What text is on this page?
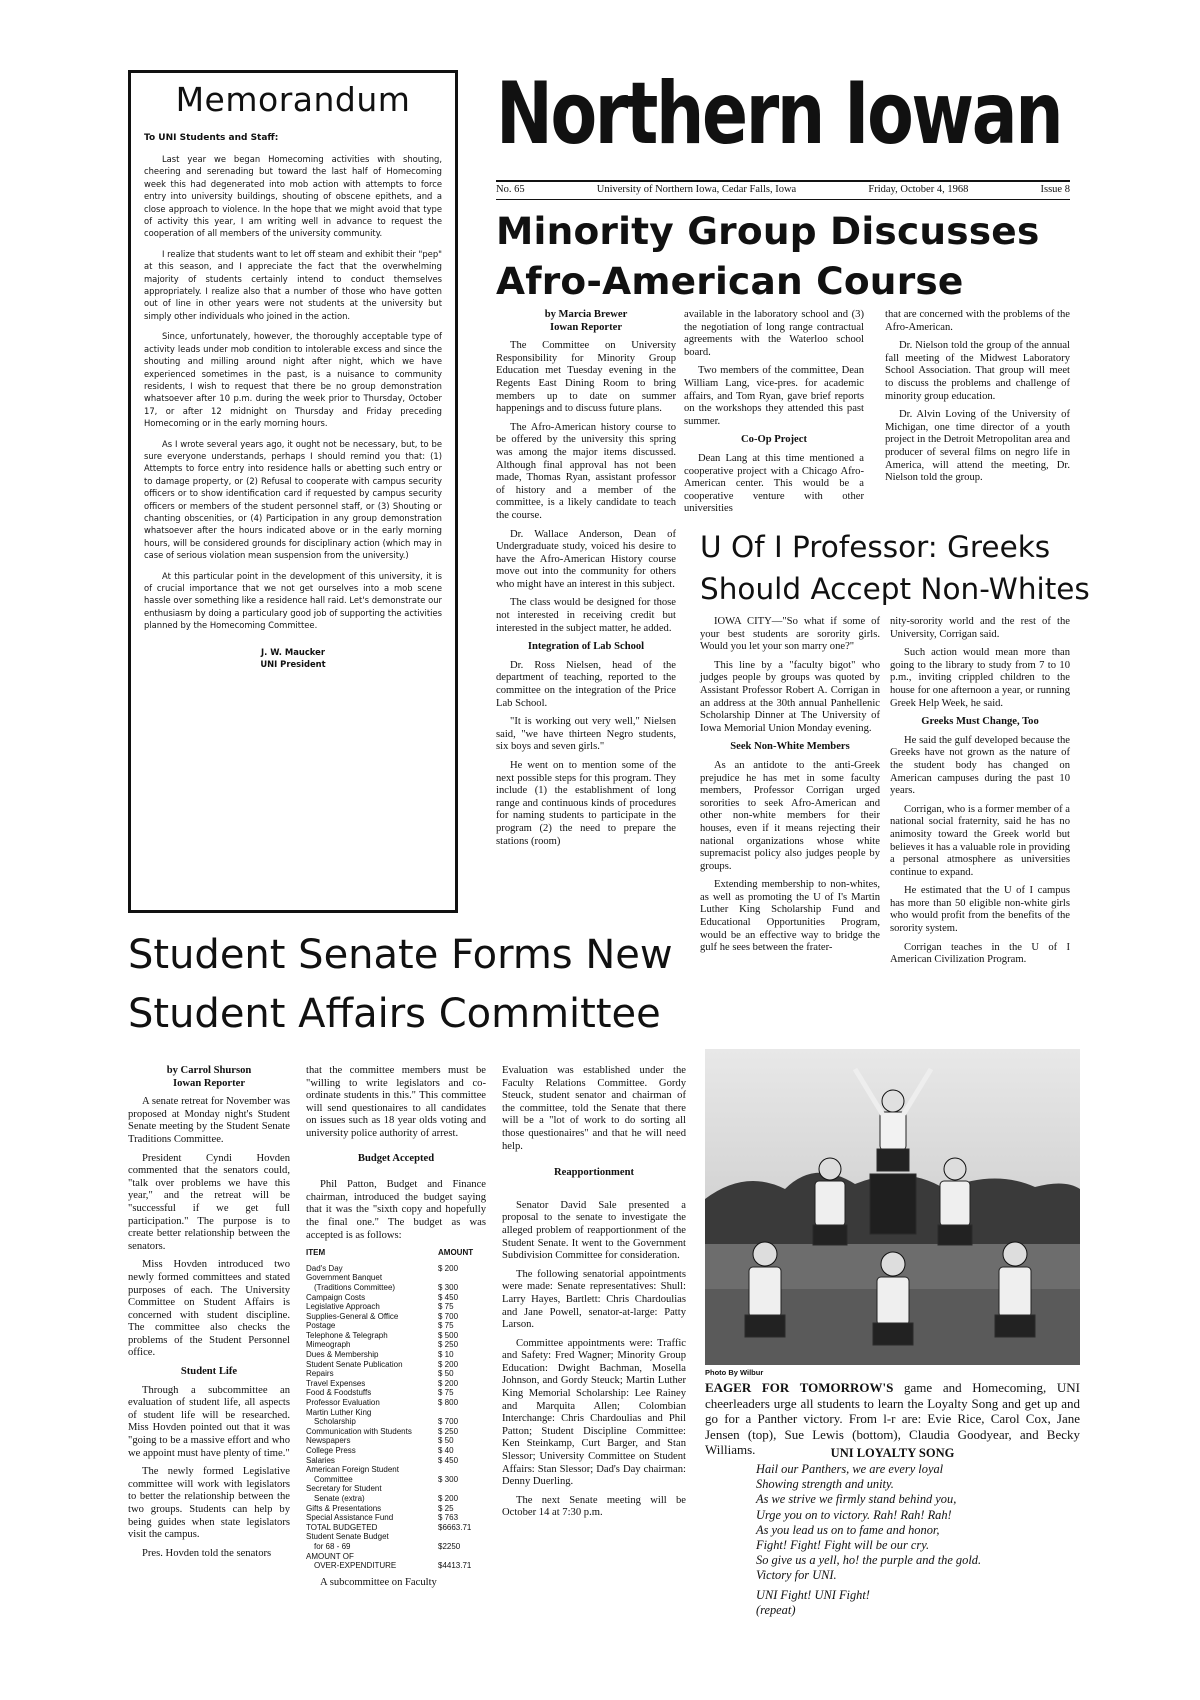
Memorandum
To UNI Students and Staff:

Last year we began Homecoming activities with shouting, cheering and serenading but toward the last half of Homecoming week this had degenerated into mob action with attempts to force entry into university buildings, shouting of obscene epithets, and a close approach to violence. In the hope that we might avoid that type of activity this year, I am writing well in advance to request the cooperation of all members of the university community.

I realize that students want to let off steam and exhibit their "pep" at this season, and I appreciate the fact that the overwhelming majority of students certainly intend to conduct themselves appropriately. I realize also that a number of those who have gotten out of line in other years were not students at the university but simply other individuals who joined in the action.

Since, unfortunately, however, the thoroughly acceptable type of activity leads under mob condition to intolerable excess and since the shouting and milling around night after night, which we have experienced sometimes in the past, is a nuisance to community residents, I wish to request that there be no group demonstration whatsoever after 10 p.m. during the week prior to Thursday, October 17, or after 12 midnight on Thursday and Friday preceding Homecoming or in the early morning hours.

As I wrote several years ago, it ought not be necessary, but, to be sure everyone understands, perhaps I should remind you that: (1) Attempts to force entry into residence halls or abetting such entry or to damage property, or (2) Refusal to cooperate with campus security officers or to show identification card if requested by campus security officers or members of the student personnel staff, or (3) Shouting or chanting obscenities, or (4) Participation in any group demonstration whatsoever after the hours indicated above or in the early morning hours, will be considered grounds for disciplinary action (which may in case of serious violation mean suspension from the university.)

At this particular point in the development of this university, it is of crucial importance that we not get ourselves into a mob scene hassle over something like a residence hall raid. Let's demonstrate our enthusiasm by doing a particulary good job of supporting the activities planned by the Homecoming Committee.

J. W. Maucker
UNI President
Northern Iowan
No. 65	University of Northern Iowa, Cedar Falls, Iowa	Friday, October 4, 1968	Issue 8
Minority Group Discusses
Afro-American Course
by Marcia Brewer
Iowan Reporter

The Committee on University Responsibility for Minority Group Education met Tuesday evening in the Regents East Dining Room to bring members up to date on summer happenings and to discuss future plans.

The Afro-American history course to be offered by the university this spring was among the major items discussed. Although final approval has not been made, Thomas Ryan, assistant professor of history and a member of the committee, is a likely candidate to teach the course.

Dr. Wallace Anderson, Dean of Undergraduate study, voiced his desire to have the Afro-American History course move out into the community for others who might have an interest in this subject.

The class would be designed for those not interested in receiving credit but interested in the subject matter, he added.

Integration of Lab School

Dr. Ross Nielsen, head of the department of teaching, reported to the committee on the integration of the Price Lab School.

"It is working out very well," Nielsen said, "we have thirteen Negro students, six boys and seven girls."

He went on to mention some of the next possible steps for this program. They include (1) the establishment of long range and continuous kinds of procedures for naming students to participate in the program (2) the need to prepare the stations (room)

available in the laboratory school and (3) the negotiation of long range contractual agreements with the Waterloo school board.

Two members of the committee, Dean William Lang, vice-pres. for academic affairs, and Tom Ryan, gave brief reports on the workshops they attended this past summer.

Co-Op Project

Dean Lang at this time mentioned a cooperative project with a Chicago Afro-American center. This would be a cooperative venture with other universities

that are concerned with the problems of the Afro-American.

Dr. Nielson told the group of the annual fall meeting of the Midwest Laboratory School Association. That group will meet to discuss the problems and challenge of minority group education.

Dr. Alvin Loving of the University of Michigan, one time director of a youth project in the Detroit Metropolitan area and producer of several films on negro life in America, will attend the meeting, Dr. Nielson told the group.

U Of I Professor: Greeks
Should Accept Non-Whites

IOWA CITY—"So what if some of your best students are sorority girls. Would you let your son marry one?"

This line by a "faculty bigot" who judges people by groups was quoted by Assistant Professor Robert A. Corrigan in an address at the 30th annual Panhellenic Scholarship Dinner at The University of Iowa Memorial Union Monday evening.

Seek Non-White Members

As an antidote to the anti-Greek prejudice he has met in some faculty members, Professor Corrigan urged sororities to seek Afro-American and other non-white members for their houses, even if it means rejecting their national organizations whose white supremacist policy also judges people by groups.

Extending membership to non-whites, as well as promoting the U of I's Martin Luther King Scholarship Fund and Educational Opportunities Program, would be an effective way to bridge the gulf he sees between the frater-

nity-sorority world and the rest of the University, Corrigan said.

Such action would mean more than going to the library to study from 7 to 10 p.m., inviting crippled children to the house for one afternoon a year, or running Greek Help Week, he said.

Greeks Must Change, Too

He said the gulf developed because the Greeks have not grown as the nature of the student body has changed on American campuses during the past 10 years.

Corrigan, who is a former member of a national social fraternity, said he has no animosity toward the Greek world but believes it has a valuable role in providing a personal atmosphere as universities continue to expand.

He estimated that the U of I campus has more than 50 eligible non-white girls who would profit from the benefits of the sorority system.

Corrigan teaches in the U of I American Civilization Program.

Student Senate Forms New
Student Affairs Committee
by Carrol Shurson
Iowan Reporter

A senate retreat for November was proposed at Monday night's Student Senate meeting by the Student Senate Traditions Committee.

President Cyndi Hovden commented that the senators could, "talk over problems we have this year," and the retreat will be "successful if we get full participation." The purpose is to create better relationship between the senators.

Miss Hovden introduced two newly formed committees and stated purposes of each. The University Committee on Student Affairs is concerned with student discipline. The committee also checks the problems of the Student Personnel office.

Student Life

Through a subcommittee an evaluation of student life, all aspects of student life will be researched. Miss Hovden pointed out that it was "going to be a massive effort and who we appoint must have plenty of time."

The newly formed Legislative committee will work with legislators to better the relationship between the two groups. Students can help by being guides when state legislators visit the campus.

Pres. Hovden told the senators

that the committee members must be "willing to write legislators and co-ordinate students in this." This committee will send questionaires to all candidates on issues such as 18 year olds voting and university police authority of arrest.

Budget Accepted

Phil Patton, Budget and Finance chairman, introduced the budget saying that it was the "sixth copy and hopefully the final one." The budget as was accepted is as follows:

ITEM	AMOUNT
Dad's Day	$ 200
Government Banquet	
(Traditions Committee)	$ 300
Campaign Costs	$ 450
Legislative Approach	$ 75
Supplies-General & Office	$ 700
Postage	$ 75
Telephone & Telegraph	$ 500
Mimeograph	$ 250
Dues & Membership	$ 10
Student Senate Publication	$ 200
Repairs	$ 50
Travel Expenses	$ 200
Food & Foodstuffs	$ 75
Professor Evaluation	$ 800
Martin Luther King	
Scholarship	$ 700
Communication with Students	$ 250
Newspapers	$ 50
College Press	$ 40
Salaries	$ 450
American Foreign Student	
Committee	$ 300
Secretary for Student	
Senate (extra)	$ 200
Gifts & Presentations	$ 25
Special Assistance Fund	$ 763
TOTAL BUDGETED	$6663.71
Student Senate Budget	
for 68 - 69	$2250
AMOUNT OF	
OVER-EXPENDITURE	$4413.71

A subcommittee on Faculty

Evaluation was established under the Faculty Relations Committee. Gordy Steuck, student senator and chairman of the committee, told the Senate that there will be a "lot of work to do sorting all those questionaires" and that he will need help.

Reapportionment

Senator David Sale presented a proposal to the senate to investigate the alleged problem of reapportionment of the Student Senate. It went to the Government Subdivision Committee for consideration.

The following senatorial appointments were made: Senate representatives: Shull: Larry Hayes, Bartlett: Chris Chardoulias and Jane Powell, senator-at-large: Patty Larson.

Committee appointments were: Traffic and Safety: Fred Wagner; Minority Group Education: Dwight Bachman, Mosella Johnson, and Gordy Steuck; Martin Luther King Memorial Scholarship: Lee Rainey and Marquita Allen; Colombian Interchange: Chris Chardoulias and Phil Patton; Student Discipline Committee: Ken Steinkamp, Curt Barger, and Stan Slessor; University Committee on Student Affairs: Stan Slessor; Dad's Day chairman: Denny Duerling.

The next Senate meeting will be October 14 at 7:30 p.m.

Photo By Wilbur
EAGER FOR TOMORROW'S game and Homecoming, UNI cheerleaders urge all students to learn the Loyalty Song and get up and go for a Panther victory. From l-r are: Evie Rice, Carol Cox, Jane Jensen (top), Sue Lewis (bottom), Claudia Goodyear, and Becky Williams.	UNI LOYALTY SONG
Hail our Panthers, we are every loyal
Showing strength and unity.
As we strive we firmly stand behind you,
Urge you on to victory. Rah! Rah! Rah!
As you lead us on to fame and honor,
Fight! Fight! Fight will be our cry.
So give us a yell, ho! the purple and the gold.
Victory for UNI.
UNI Fight! UNI Fight!
(repeat)
